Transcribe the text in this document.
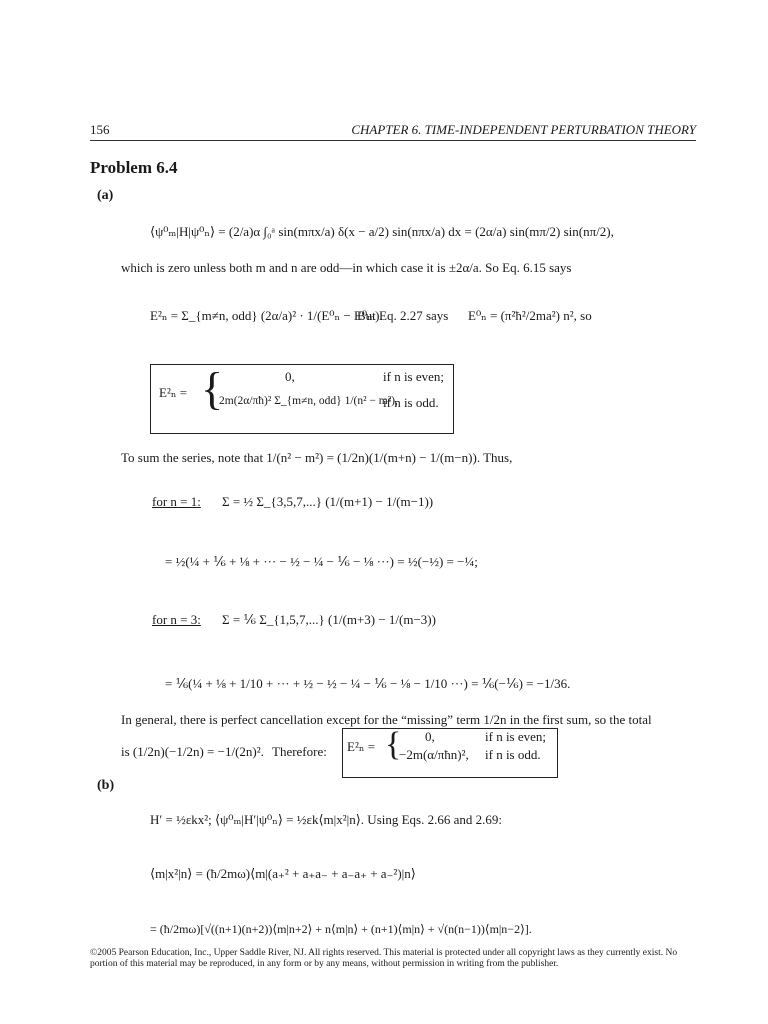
156	CHAPTER 6. TIME-INDEPENDENT PERTURBATION THEORY
Problem 6.4
(a)
⟨ψ⁰ₘ|H|ψ⁰ₙ⟩ = (2/a)α ∫₀ᵃ sin(mπx/a) δ(x − a/2) sin(nπx/a) dx = (2α/a) sin(mπ/2) sin(nπ/2),
which is zero unless both m and n are odd—in which case it is ±2α/a. So Eq. 6.15 says
E²ₙ = Σ_{m≠n, odd} (2α/a)² · 1/(E⁰ₙ − E⁰ₘ).
But Eq. 2.27 says E⁰ₙ = (π²ħ²/2ma²) n², so
E²ₙ = {	0,	if n is even;
2m(2α/πħ)² Σ_{m≠n, odd} 1/(n² − m²),
if n is odd.
To sum the series, note that 1/(n² − m²) = (1/2n)(1/(m+n) − 1/(m−n)). Thus,
for n = 1: Σ = ½ Σ_{3,5,7,...} (1/(m+1) − 1/(m−1))
= ½(¼ + ⅙ + ⅛ + ··· − ½ − ¼ − ⅙ − ⅛ ···) = ½(−½) = −¼;
for n = 3: Σ = ⅙ Σ_{1,5,7,...} (1/(m+3) − 1/(m−3))
= ⅙(¼ + ⅛ + 1/10 + ··· + ½ − ½ − ¼ − ⅙ − ⅛ − 1/10 ···) = ⅙(−⅙) = −1/36.
In general, there is perfect cancellation except for the “missing” term 1/2n in the first sum, so the total
is (1/2n)(−1/2n) = −1/(2n)². Therefore: E²ₙ = { 0,	if n is even;
−2m(α/πħn)², if n is odd.
(b)
H′ = ½εkx²; ⟨ψ⁰ₘ|H′|ψ⁰ₙ⟩ = ½εk⟨m|x²|n⟩. Using Eqs. 2.66 and 2.69:
⟨m|x²|n⟩ = (ħ/2mω)⟨m|(a₊² + a₊a₋ + a₋a₊ + a₋²)|n⟩
= (ħ/2mω)[√((n+1)(n+2))⟨m|n+2⟩ + n⟨m|n⟩ + (n+1)⟨m|n⟩ + √(n(n−1))⟨m|n−2⟩].
©2005 Pearson Education, Inc., Upper Saddle River, NJ. All rights reserved. This material is protected under all copyright laws as they currently exist. No portion of this material may be reproduced, in any form or by any means, without permission in writing from the publisher.
